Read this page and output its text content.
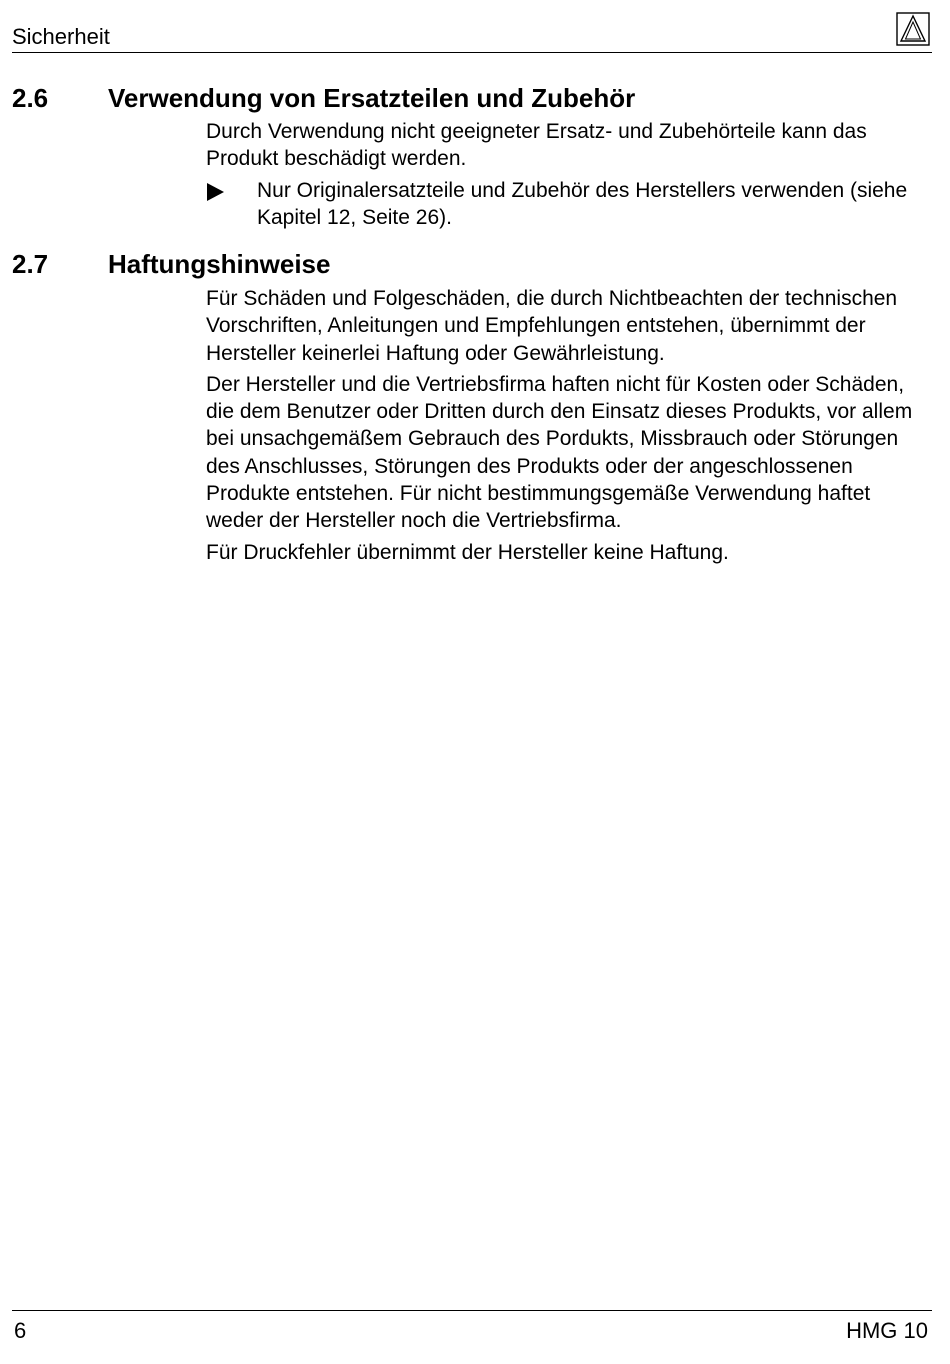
Sicherheit
2.6 Verwendung von Ersatzteilen und Zubehör

Durch Verwendung nicht geeigneter Ersatz- und Zubehörteile kann das Produkt beschädigt werden.

Nur Originalersatzteile und Zubehör des Herstellers verwenden (siehe Kapitel 12, Seite 26).
2.7 Haftungshinweise

Für Schäden und Folgeschäden, die durch Nichtbeachten der technischen Vorschriften, Anleitungen und Empfehlungen entstehen, übernimmt der Hersteller keinerlei Haftung oder Gewährleistung.

Der Hersteller und die Vertriebsfirma haften nicht für Kosten oder Schäden, die dem Benutzer oder Dritten durch den Einsatz dieses Produkts, vor allem bei unsachgemäßem Gebrauch des Pordukts, Missbrauch oder Störungen des Anschlusses, Störungen des Produkts oder der angeschlossenen Produkte entstehen. Für nicht bestimmungsgemäße Verwendung haftet weder der Hersteller noch die Vertriebsfirma.

Für Druckfehler übernimmt der Hersteller keine Haftung.

6	HMG 10
